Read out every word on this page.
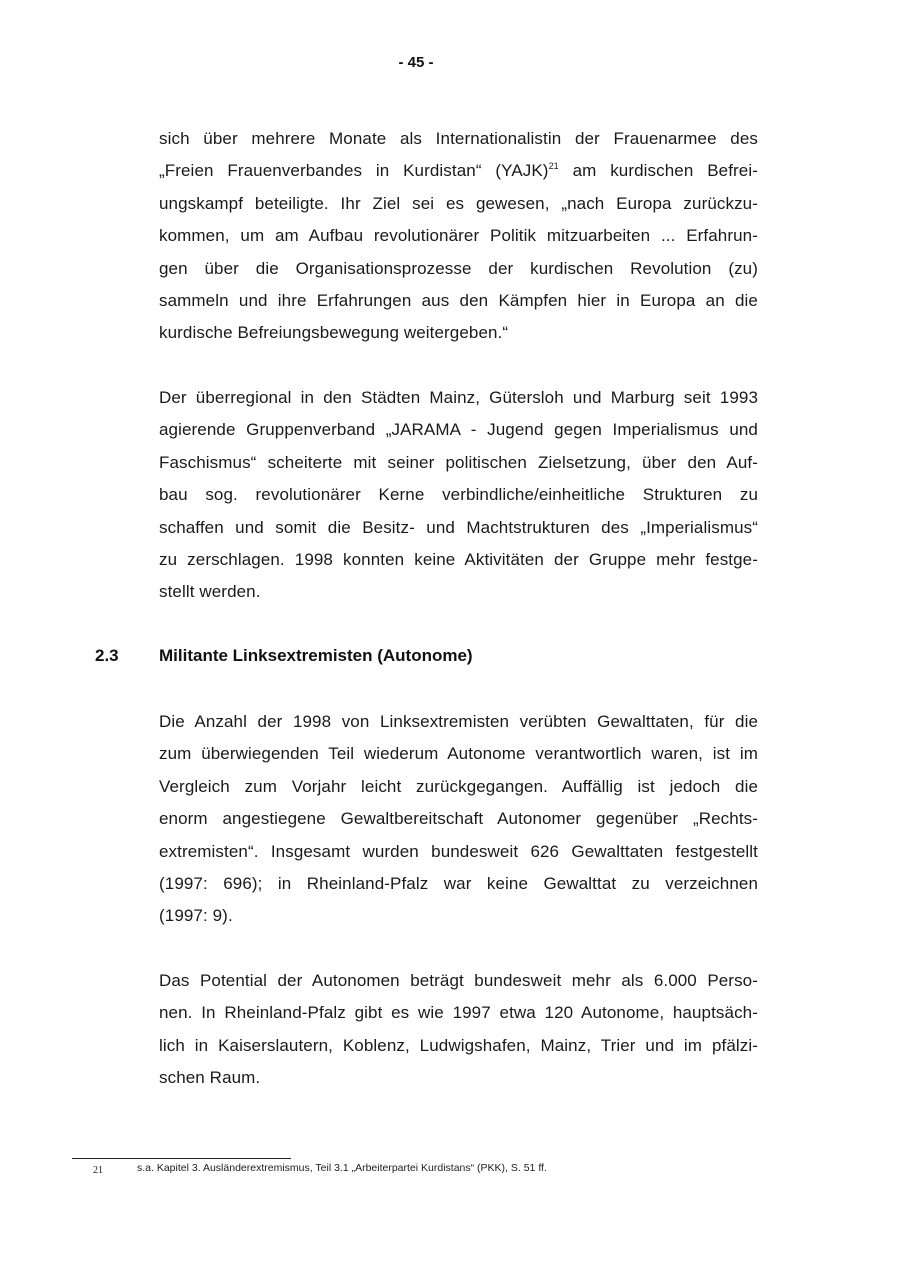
- 45 -
sich über mehrere Monate als Internationalistin der Frauenarmee des
„Freien Frauenverbandes in Kurdistan“ (YAJK)$^{21}$ am kurdischen Befrei-
ungskampf beteiligte. Ihr Ziel sei es gewesen, „nach Europa zurückzu-
kommen, um am Aufbau revolutionärer Politik mitzuarbeiten ... Erfahrun-
gen über die Organisationsprozesse der kurdischen Revolution (zu)
sammeln und ihre Erfahrungen aus den Kämpfen hier in Europa an die
kurdische Befreiungsbewegung weitergeben.“
Der überregional in den Städten Mainz, Gütersloh und Marburg seit 1993
agierende Gruppenverband „JARAMA - Jugend gegen Imperialismus und
Faschismus“ scheiterte mit seiner politischen Zielsetzung, über den Auf-
bau sog. revolutionärer Kerne verbindliche/einheitliche Strukturen zu
schaffen und somit die Besitz- und Machtstrukturen des „Imperialismus“
zu zerschlagen. 1998 konnten keine Aktivitäten der Gruppe mehr festge-
stellt werden.
2.3 Militante Linksextremisten (Autonome)
Die Anzahl der 1998 von Linksextremisten verübten Gewalttaten, für die
zum überwiegenden Teil wiederum Autonome verantwortlich waren, ist im
Vergleich zum Vorjahr leicht zurückgegangen. Auffällig ist jedoch die
enorm angestiegene Gewaltbereitschaft Autonomer gegenüber „Rechts-
extremisten“. Insgesamt wurden bundesweit 626 Gewalttaten festgestellt
(1997: 696); in Rheinland-Pfalz war keine Gewalttat zu verzeichnen
(1997: 9).
Das Potential der Autonomen beträgt bundesweit mehr als 6.000 Perso-
nen. In Rheinland-Pfalz gibt es wie 1997 etwa 120 Autonome, hauptsäch-
lich in Kaiserslautern, Koblenz, Ludwigshafen, Mainz, Trier und im pfälzi-
schen Raum.
21	s.a. Kapitel 3. Ausländerextremismus, Teil 3.1 „Arbeiterpartei Kurdistans“ (PKK), S. 51 ff.
